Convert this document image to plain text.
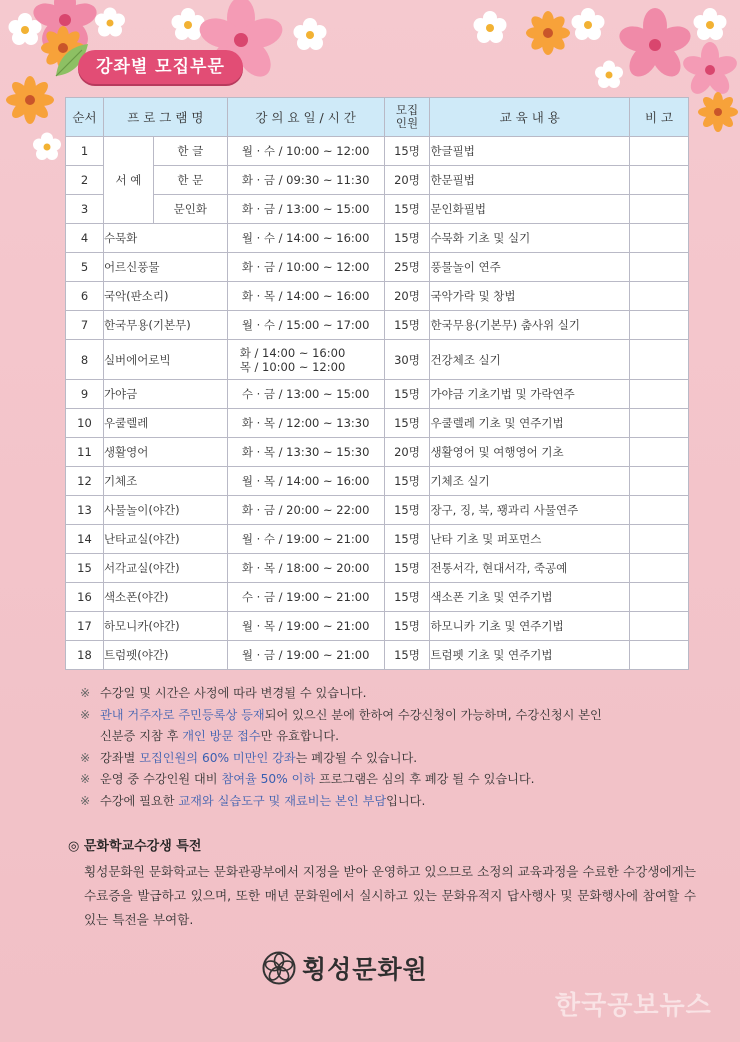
강좌별 모집부문
순서	프 로 그 램 명		강 의 요 일 / 시 간	모집
인원	교 육 내 용	비 고
1	서 예	한 글	월 · 수 / 10:00 ~ 12:00	15명	한글필법	
2		한 문	화 · 금 / 09:30 ~ 11:30	20명	한문필법	
3		문인화	화 · 금 / 13:00 ~ 15:00	15명	문인화필법	
4	수묵화		월 · 수 / 14:00 ~ 16:00	15명	수묵화 기초 및 실기	
5	어르신풍물		화 · 금 / 10:00 ~ 12:00	25명	풍물놀이 연주	
6	국악(판소리)		화 · 목 / 14:00 ~ 16:00	20명	국악가락 및 창법	
7	한국무용(기본무)		월 · 수 / 15:00 ~ 17:00	15명	한국무용(기본무) 춤사위 실기	
8	실버에어로빅		화 / 14:00 ~ 16:00
목 / 10:00 ~ 12:00	30명	건강체조 실기	
9	가야금		수 · 금 / 13:00 ~ 15:00	15명	가야금 기초기법 및 가락연주	
10	우쿨렐레		화 · 목 / 12:00 ~ 13:30	15명	우쿨렐레 기초 및 연주기법	
11	생활영어		화 · 목 / 13:30 ~ 15:30	20명	생활영어 및 여행영어 기초	
12	기체조		월 · 목 / 14:00 ~ 16:00	15명	기체조 실기	
13	사물놀이(야간)		화 · 금 / 20:00 ~ 22:00	15명	장구, 징, 북, 꽹과리 사물연주	
14	난타교실(야간)		월 · 수 / 19:00 ~ 21:00	15명	난타 기초 및 퍼포먼스	
15	서각교실(야간)		화 · 목 / 18:00 ~ 20:00	15명	전통서각, 현대서각, 죽공예	
16	색소폰(야간)		수 · 금 / 19:00 ~ 21:00	15명	색소폰 기초 및 연주기법	
17	하모니카(야간)		월 · 목 / 19:00 ~ 21:00	15명	하모니카 기초 및 연주기법	
18	트럼펫(야간)		월 · 금 / 19:00 ~ 21:00	15명	트럼펫 기초 및 연주기법	
※ 수강일 및 시간은 사정에 따라 변경될 수 있습니다.
※ 관내 거주자로 주민등록상 등재되어 있으신 분에 한하여 수강신청이 가능하며, 수강신청시 본인
신분증 지참 후 개인 방문 접수만 유효합니다.
※ 강좌별 모집인원의 60% 미만인 강좌는 폐강될 수 있습니다.
※ 운영 중 수강인원 대비 참여율 50% 이하 프로그램은 심의 후 폐강 될 수 있습니다.
※ 수강에 필요한 교재와 실습도구 및 재료비는 본인 부담입니다.
◎ 문화학교수강생 특전
횡성문화원 문화학교는 문화관광부에서 지정을 받아 운영하고 있으므로 소정의 교육과정을 수료한 수강생에게는 수료증을 발급하고 있으며, 또한 매년 문화원에서 실시하고 있는 문화유적지 답사행사 및 문화행사에 참여할 수 있는 특전을 부여함.
횡성문화원
한국공보뉴스
